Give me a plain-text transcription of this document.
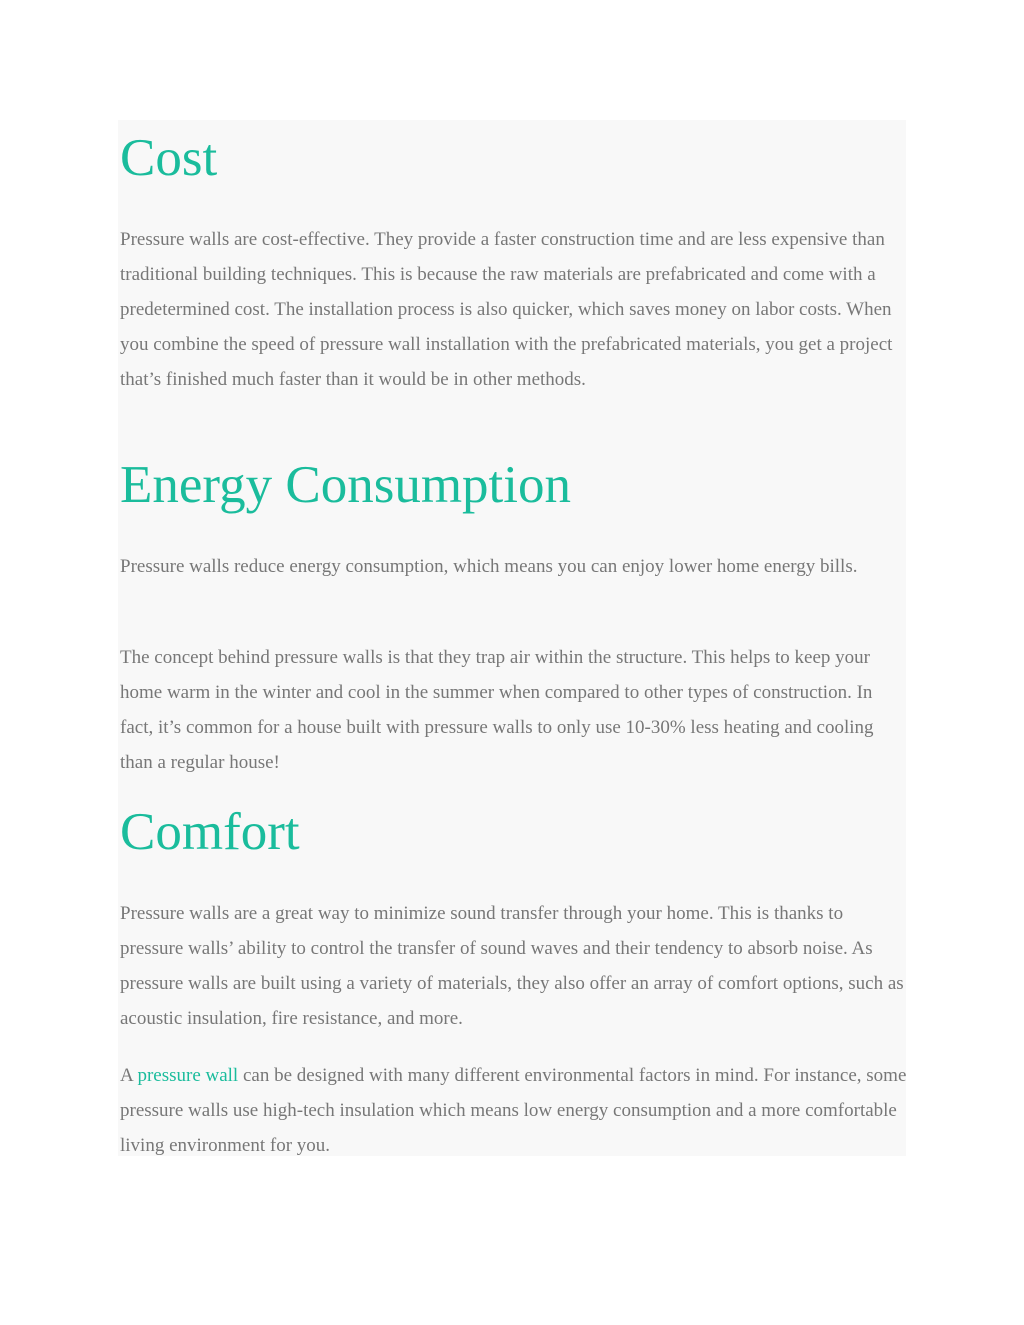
Cost

Pressure walls are cost-effective. They provide a faster construction time and are less expensive than traditional building techniques. This is because the raw materials are prefabricated and come with a predetermined cost. The installation process is also quicker, which saves money on labor costs. When you combine the speed of pressure wall installation with the prefabricated materials, you get a project that’s finished much faster than it would be in other methods.

Energy Consumption

Pressure walls reduce energy consumption, which means you can enjoy lower home energy bills.

The concept behind pressure walls is that they trap air within the structure. This helps to keep your home warm in the winter and cool in the summer when compared to other types of construction. In fact, it’s common for a house built with pressure walls to only use 10-30% less heating and cooling than a regular house!

Comfort

Pressure walls are a great way to minimize sound transfer through your home. This is thanks to pressure walls’ ability to control the transfer of sound waves and their tendency to absorb noise. As pressure walls are built using a variety of materials, they also offer an array of comfort options, such as acoustic insulation, fire resistance, and more.

A pressure wall can be designed with many different environmental factors in mind. For instance, some pressure walls use high-tech insulation which means low energy consumption and a more comfortable living environment for you.
